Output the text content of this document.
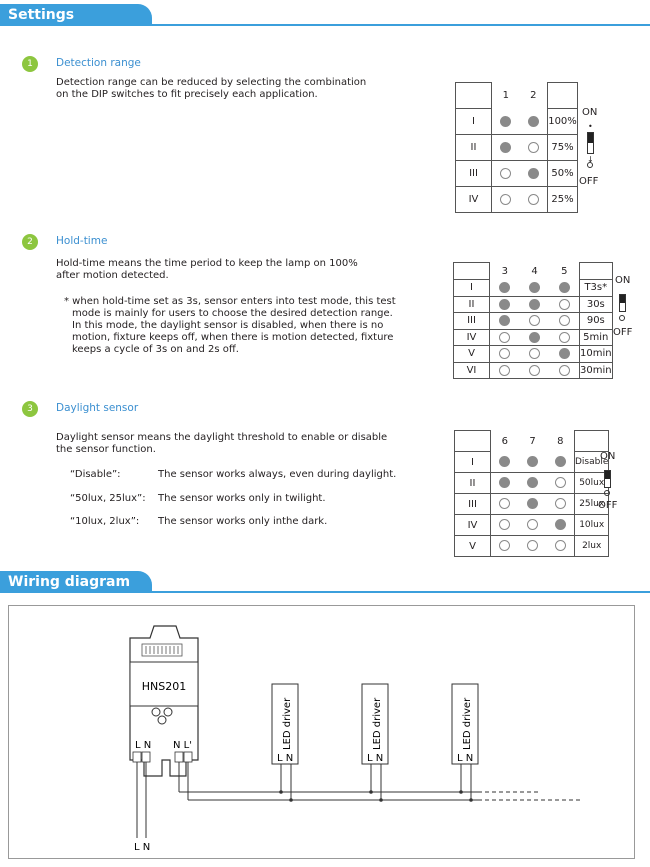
Settings
1	Detection range
Detection range can be reduced by selecting the combination
on the DIP switches to fit precisely each application.
2	Hold-time
Hold-time means the time period to keep the lamp on 100%
after motion detected.
* when hold-time set as 3s, sensor enters into test mode, this test
mode is mainly for users to choose the desired detection range.
In this mode, the daylight sensor is disabled, when there is no
motion, fixture keeps off, when there is motion detected, fixture
keeps a cycle of 3s on and 2s off.
3	Daylight sensor
Daylight sensor means the daylight threshold to enable or disable
the sensor function.
“Disable”:	The sensor works always, even during daylight.
“50lux, 25lux”: The sensor works only in twilight.
“10lux, 2lux”: The sensor works only inthe dark.
	1	2	
I			100%
II			75%
III			50%
IV			25%
	3	4	5	
I				T3s*
II				30s
III				90s
IV				5min
V				10min
VI				30min
	6	7	8	
I				Disable
II				50lux
III				25lux
IV				10lux
V				2lux
ON
•
↓
OFF
ON
OFF
ON
OFF
Wiring diagram
HNS201
L N N L'	LED driver	LED driver	LED driver
L N	L N	L N
L N
